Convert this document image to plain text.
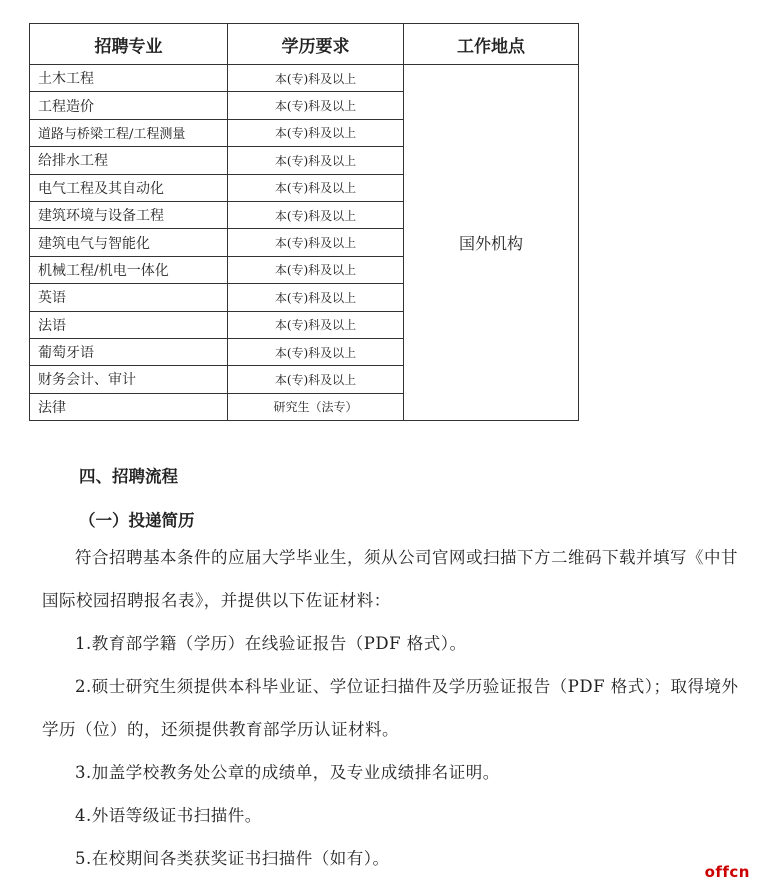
招聘专业	学历要求	工作地点
土木工程	本(专)科及以上	国外机构
工程造价	本(专)科及以上	
道路与桥梁工程/工程测量	本(专)科及以上	
给排水工程	本(专)科及以上	
电气工程及其自动化	本(专)科及以上	
建筑环境与设备工程	本(专)科及以上	
建筑电气与智能化	本(专)科及以上	
机械工程/机电一体化	本(专)科及以上	
英语	本(专)科及以上	
法语	本(专)科及以上	
葡萄牙语	本(专)科及以上	
财务会计、审计	本(专)科及以上	
法律	研究生（法专）	
四、招聘流程
（一）投递简历

符合招聘基本条件的应届大学毕业生，须从公司官网或扫描下方二维码下载并填写《中甘国际校园招聘报名表》，并提供以下佐证材料：

1.教育部学籍（学历）在线验证报告（PDF 格式）。

2.硕士研究生须提供本科毕业证、学位证扫描件及学历验证报告（PDF 格式）；取得境外学历（位）的，还须提供教育部学历认证材料。

3.加盖学校教务处公章的成绩单，及专业成绩排名证明。

4.外语等级证书扫描件。

5.在校期间各类获奖证书扫描件（如有）。

offcn
